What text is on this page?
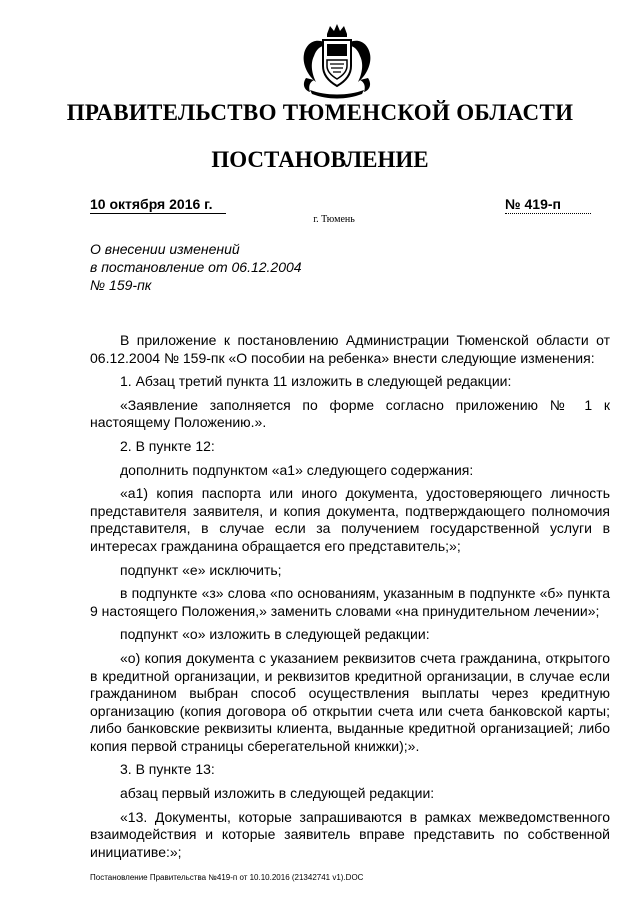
ПРАВИТЕЛЬСТВО ТЮМЕНСКОЙ ОБЛАСТИ
ПОСТАНОВЛЕНИЕ
10 октября 2016 г.	№ 419-п
г. Тюмень
О внесении изменений
в постановление от 06.12.2004
№ 159-пк

В приложение к постановлению Администрации Тюменской области от 06.12.2004 № 159-пк «О пособии на ребенка» внести следующие изменения:

1. Абзац третий пункта 11 изложить в следующей редакции:

«Заявление заполняется по форме согласно приложению № 1 к настоящему Положению.».

2. В пункте 12:

дополнить подпунктом «а1» следующего содержания:

«а1) копия паспорта или иного документа, удостоверяющего личность представителя заявителя, и копия документа, подтверждающего полномочия представителя, в случае если за получением государственной услуги в интересах гражданина обращается его представитель;»;

подпункт «е» исключить;

в подпункте «з» слова «по основаниям, указанным в подпункте «б» пункта 9 настоящего Положения,» заменить словами «на принудительном лечении»;

подпункт «о» изложить в следующей редакции:

«о) копия документа с указанием реквизитов счета гражданина, открытого в кредитной организации, и реквизитов кредитной организации, в случае если гражданином выбран способ осуществления выплаты через кредитную организацию (копия договора об открытии счета или счета банковской карты; либо банковские реквизиты клиента, выданные кредитной организацией; либо копия первой страницы сберегательной книжки);».

3. В пункте 13:

абзац первый изложить в следующей редакции:

«13. Документы, которые запрашиваются в рамках межведомственного взаимодействия и которые заявитель вправе представить по собственной инициативе:»;

Постановление Правительства №419-п от 10.10.2016 (21342741 v1).DOC
